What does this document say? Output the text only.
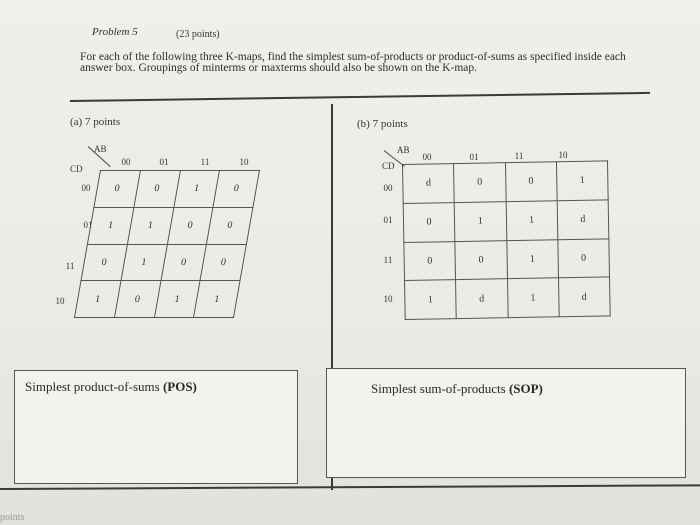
Problem 5	(23 points)
For each of the following three K-maps, find the simplest sum-of-products or product-of-sums as specified inside each answer box. Groupings of minterms or maxterms should also be shown on the K-map.
(a) 7 points
AB
CD
00	01	11	10
00
01
11
10
0	0	1	0
1	1	0	0
0	1	0	0
1	0	1	1
Simplest product-of-sums (POS)
(b) 7 points
AB
CD
00	01	11	10
00
01
11
10
d	0	0	1
0	1	1	d
0	0	1	0
1	d	1	d
Simplest sum-of-products (SOP)
points
